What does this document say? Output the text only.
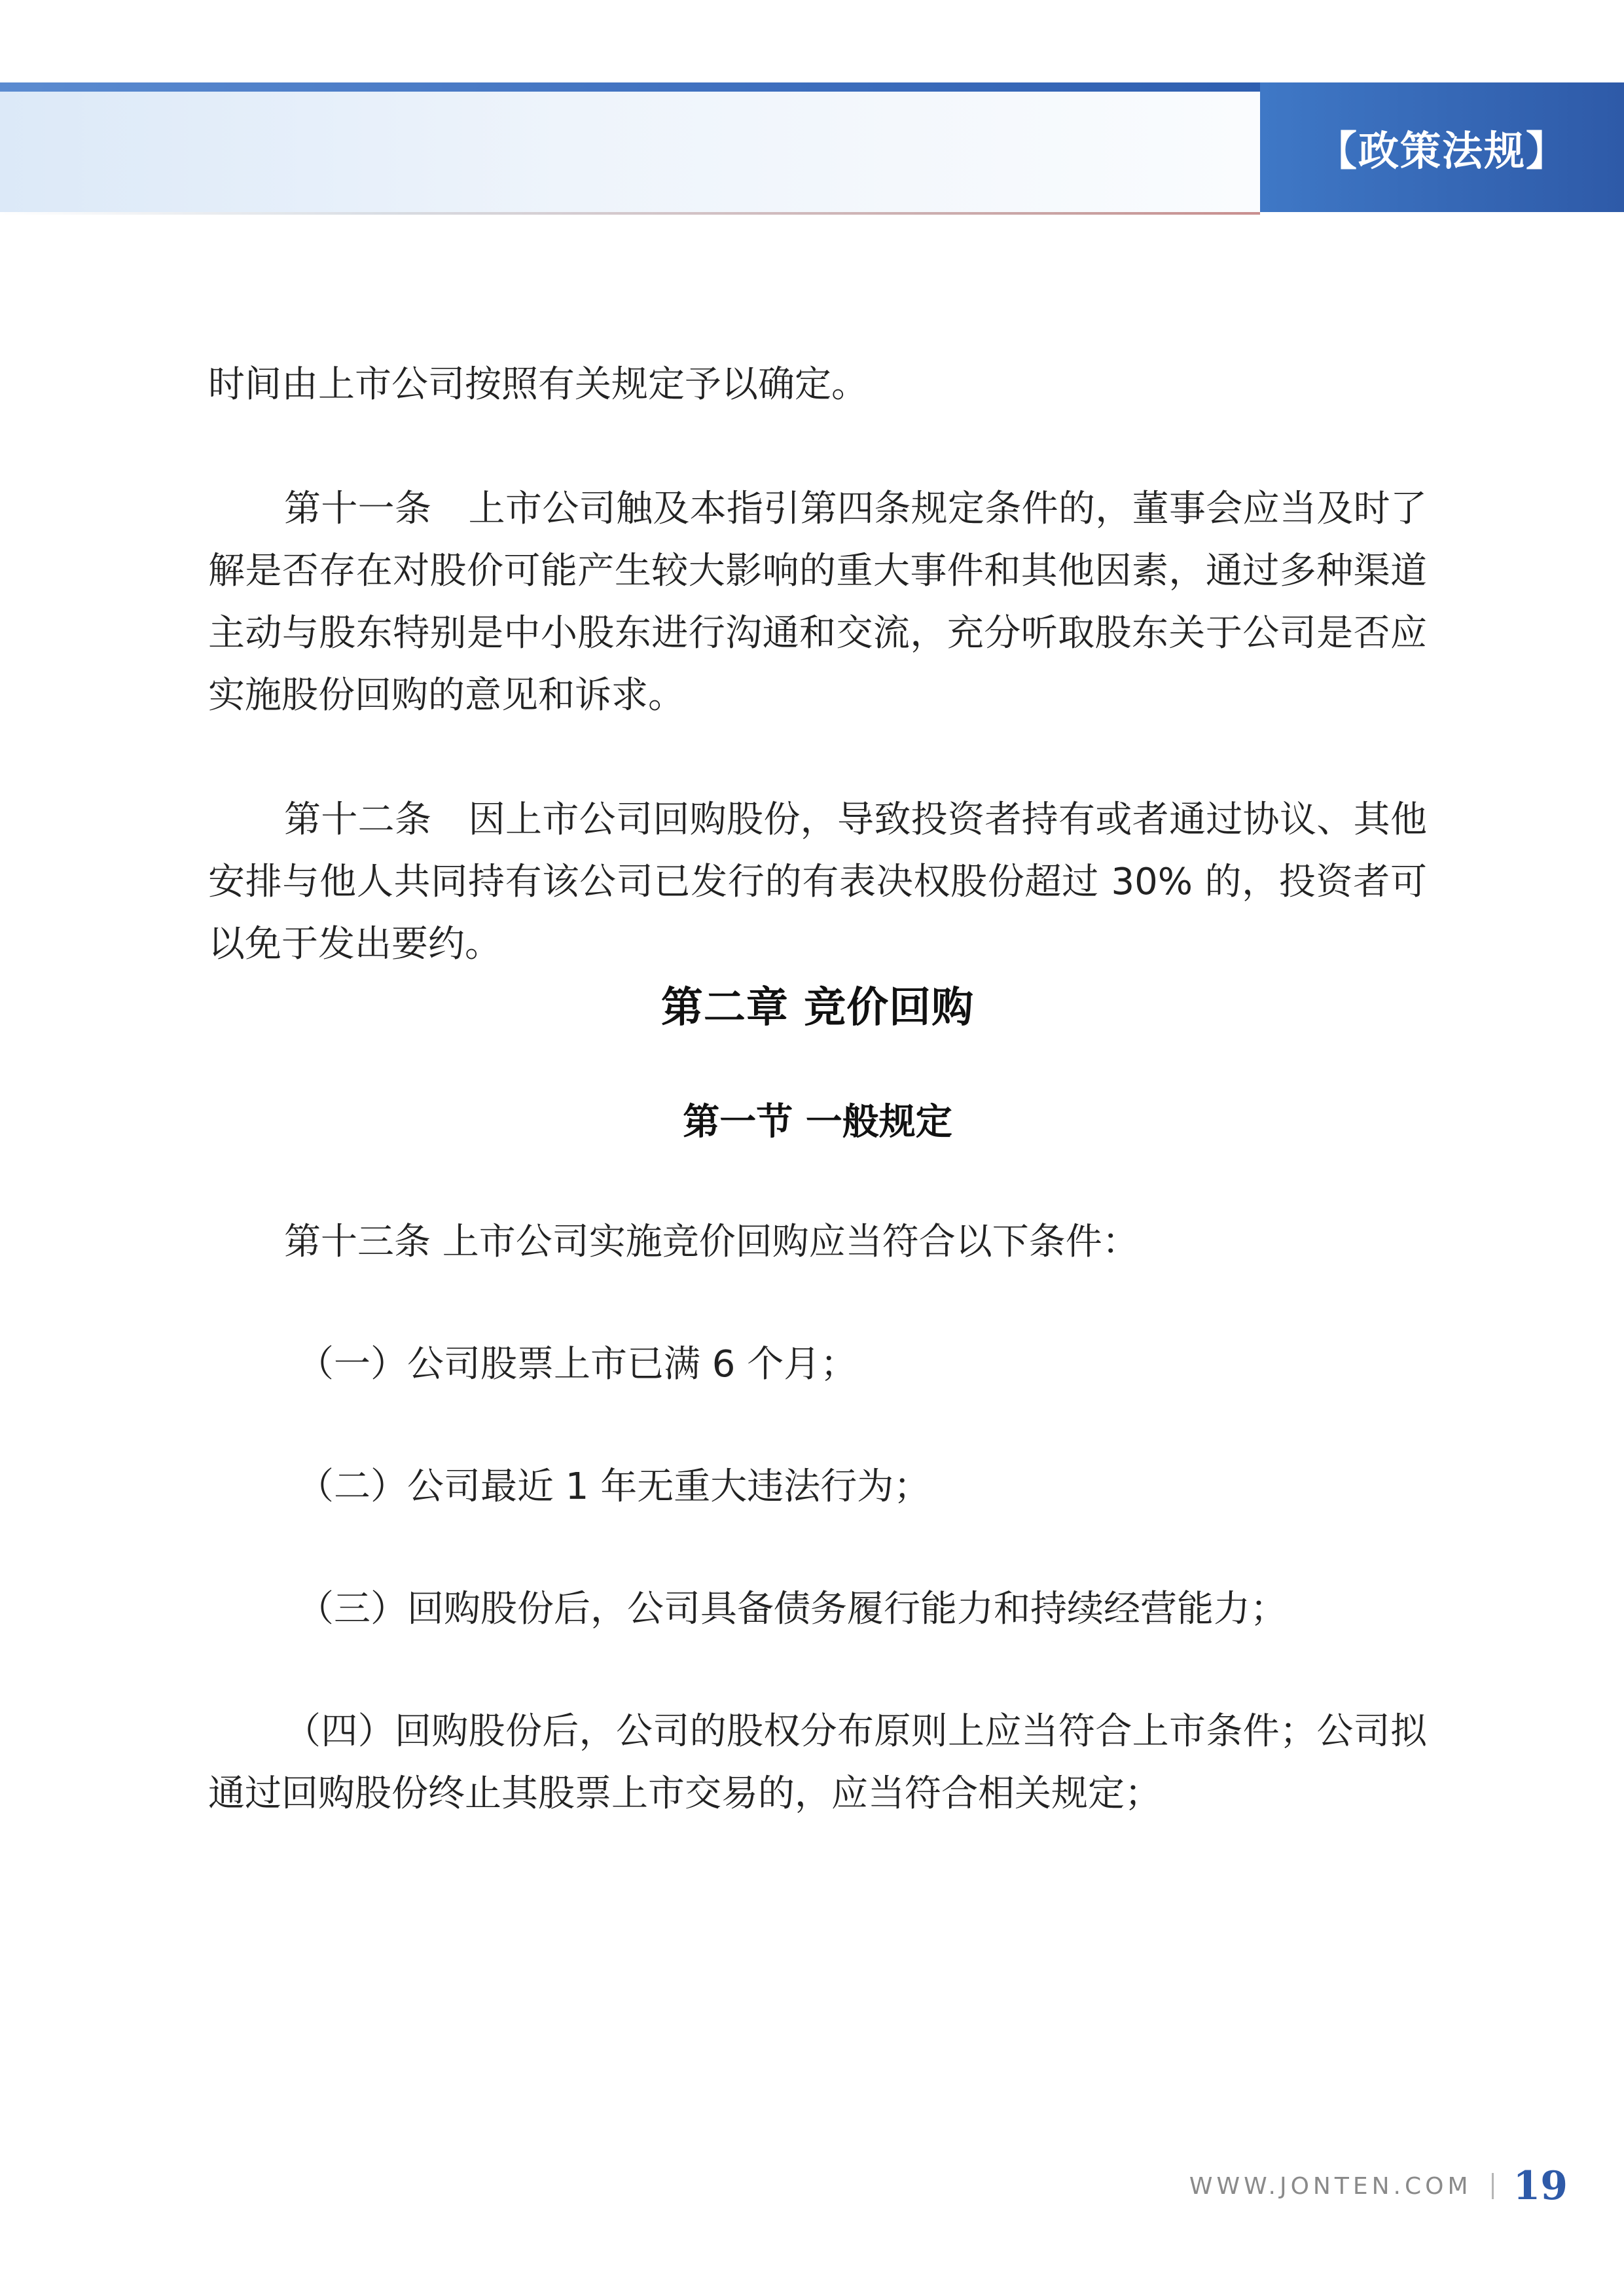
【政策法规】

时间由上市公司按照有关规定予以确定。

第十一条　上市公司触及本指引第四条规定条件的，董事会应当及时了解是否存在对股价可能产生较大影响的重大事件和其他因素，通过多种渠道主动与股东特别是中小股东进行沟通和交流，充分听取股东关于公司是否应实施股份回购的意见和诉求。

第十二条　因上市公司回购股份，导致投资者持有或者通过协议、其他安排与他人共同持有该公司已发行的有表决权股份超过 30% 的，投资者可以免于发出要约。

第二章 竞价回购
第一节 一般规定

第十三条 上市公司实施竞价回购应当符合以下条件：

（一）公司股票上市已满 6 个月；

（二）公司最近 1 年无重大违法行为；

（三）回购股份后，公司具备债务履行能力和持续经营能力；

（四）回购股份后，公司的股权分布原则上应当符合上市条件；公司拟通过回购股份终止其股票上市交易的，应当符合相关规定；

WWW.JONTEN.COM 19
